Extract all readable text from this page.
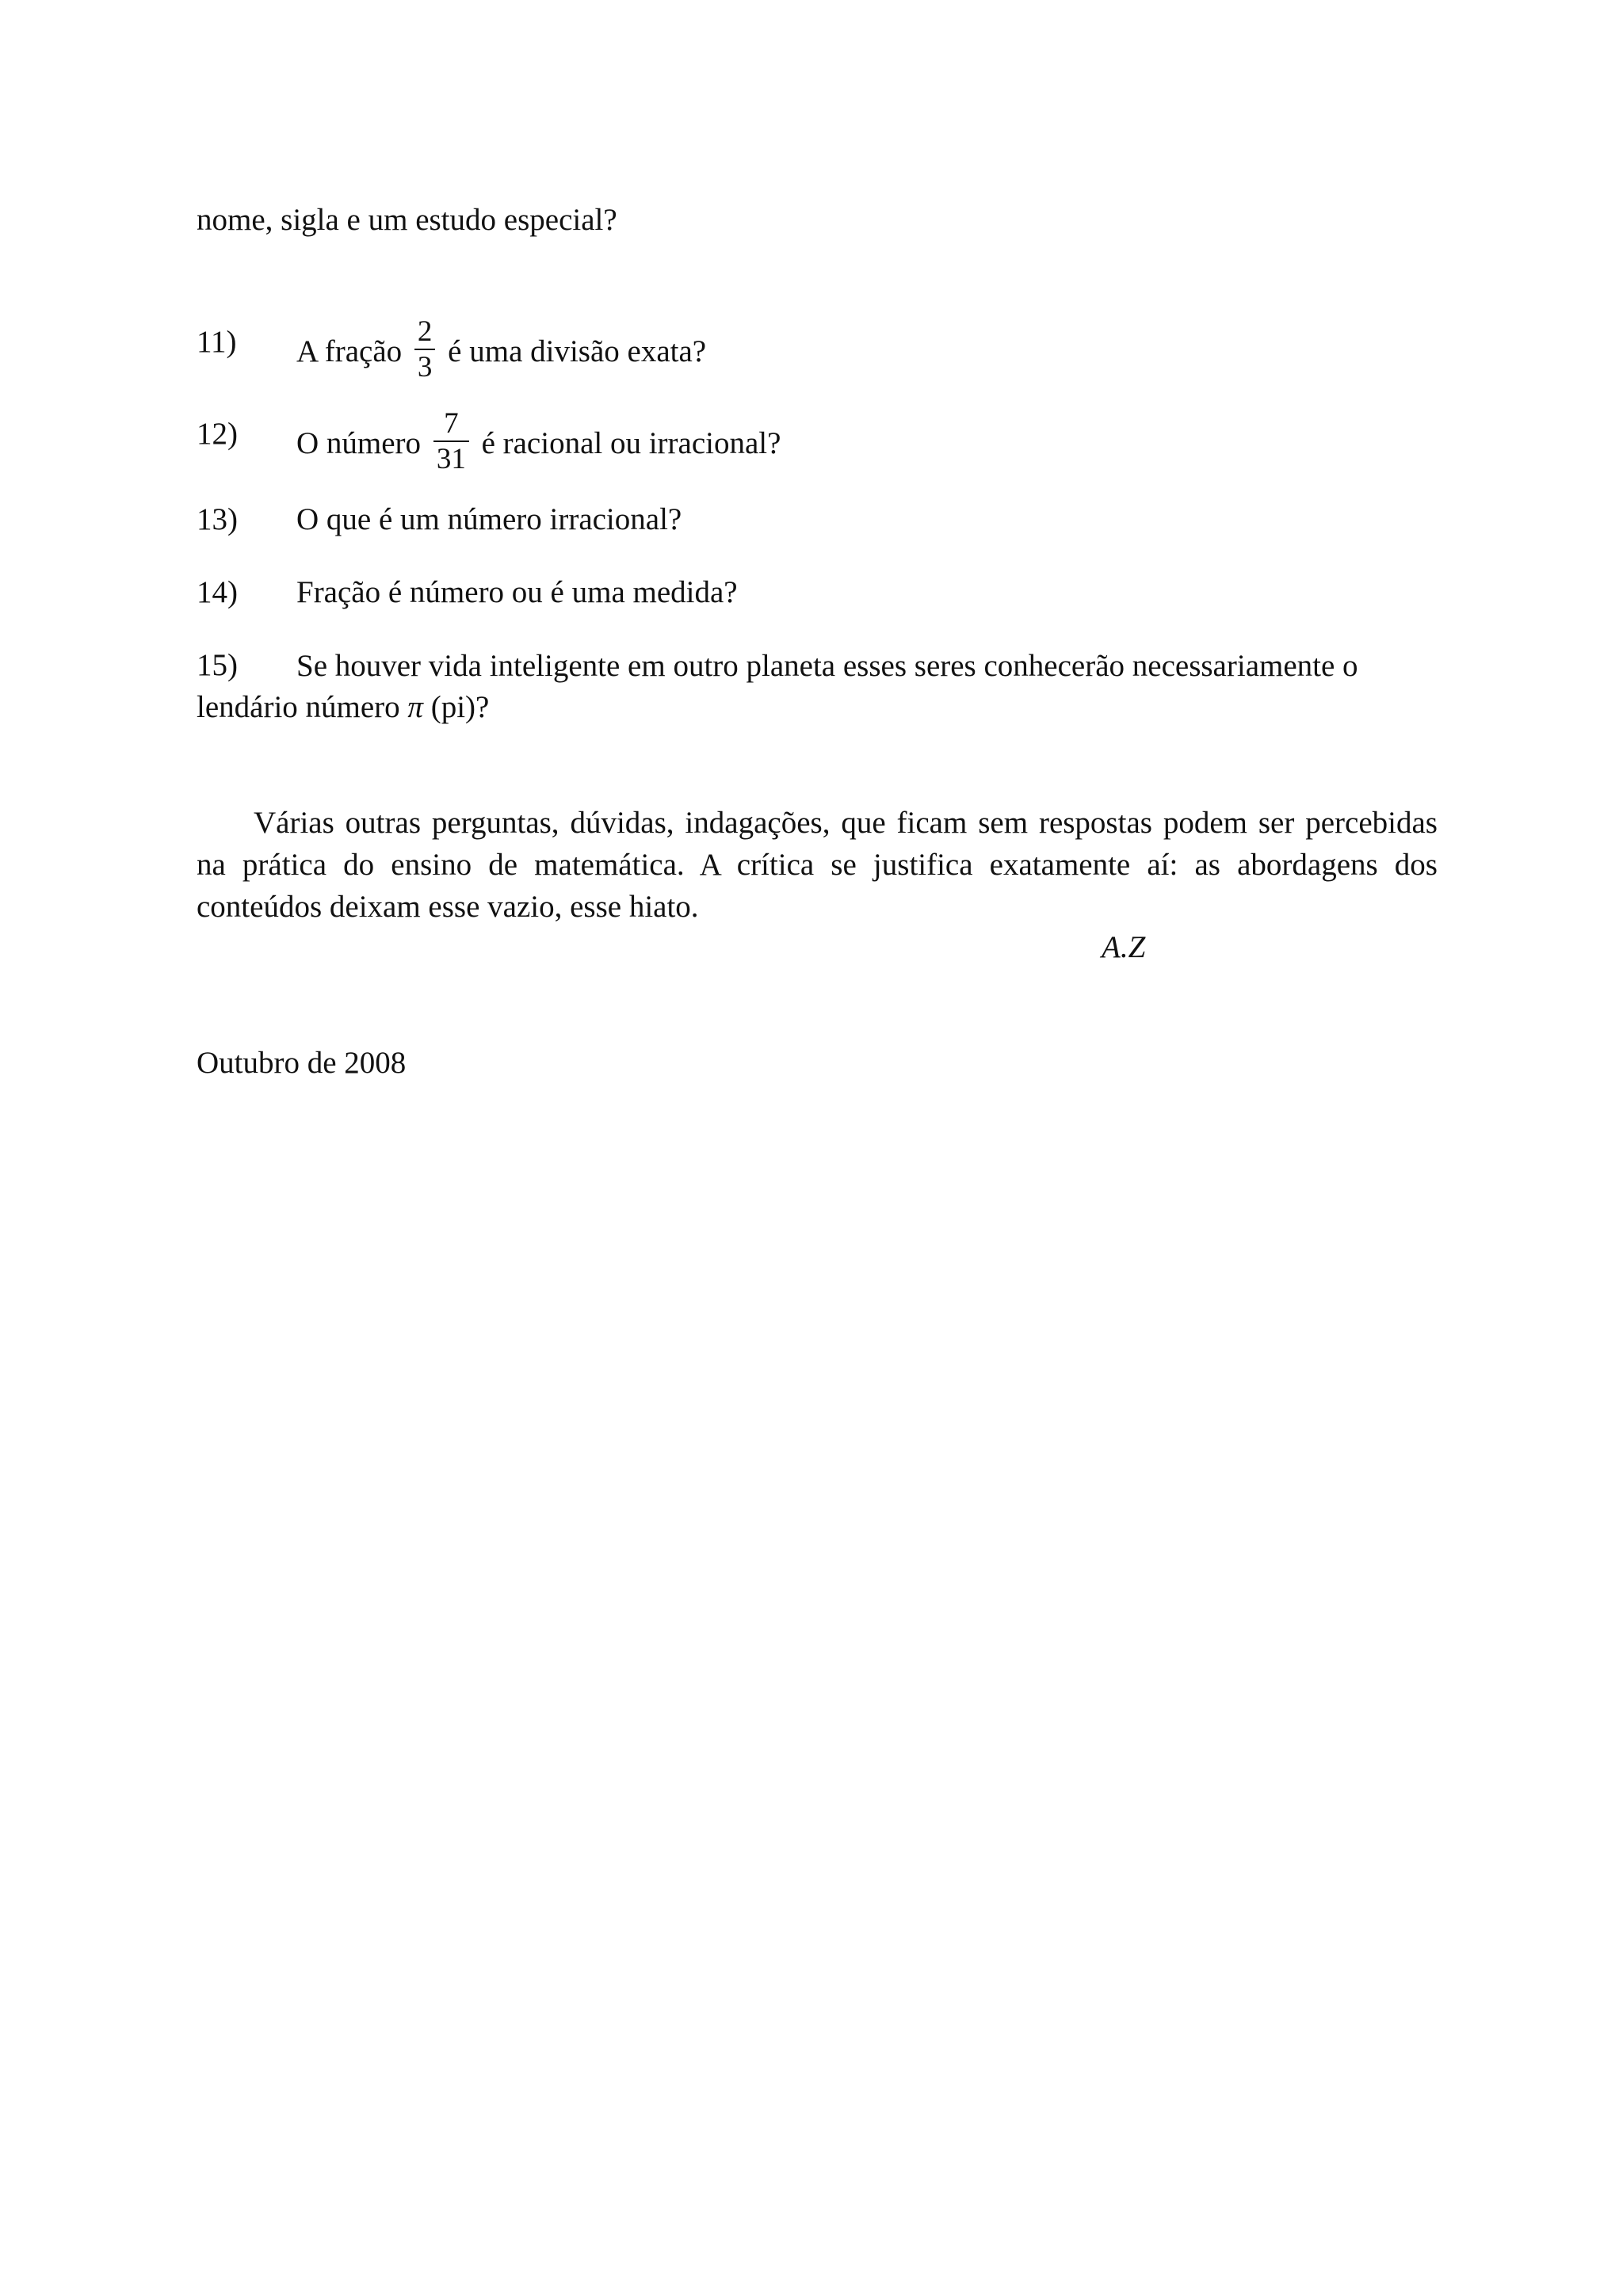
nome, sigla e um estudo especial?
11) A fração $\frac{2}{3}$ é uma divisão exata?
12) O número $\frac{7}{31}$ é racional ou irracional?
13) O que é um número irracional?
14) Fração é número ou é uma medida?
15) Se houver vida inteligente em outro planeta esses seres conhecerão necessariamente o
lendário número π (pi)?
Várias outras perguntas, dúvidas, indagações, que ficam sem respostas podem ser percebidas na prática do ensino de matemática. A crítica se justifica exatamente aí: as abordagens dos conteúdos deixam esse vazio, esse hiato.
A.Z
Outubro de 2008
